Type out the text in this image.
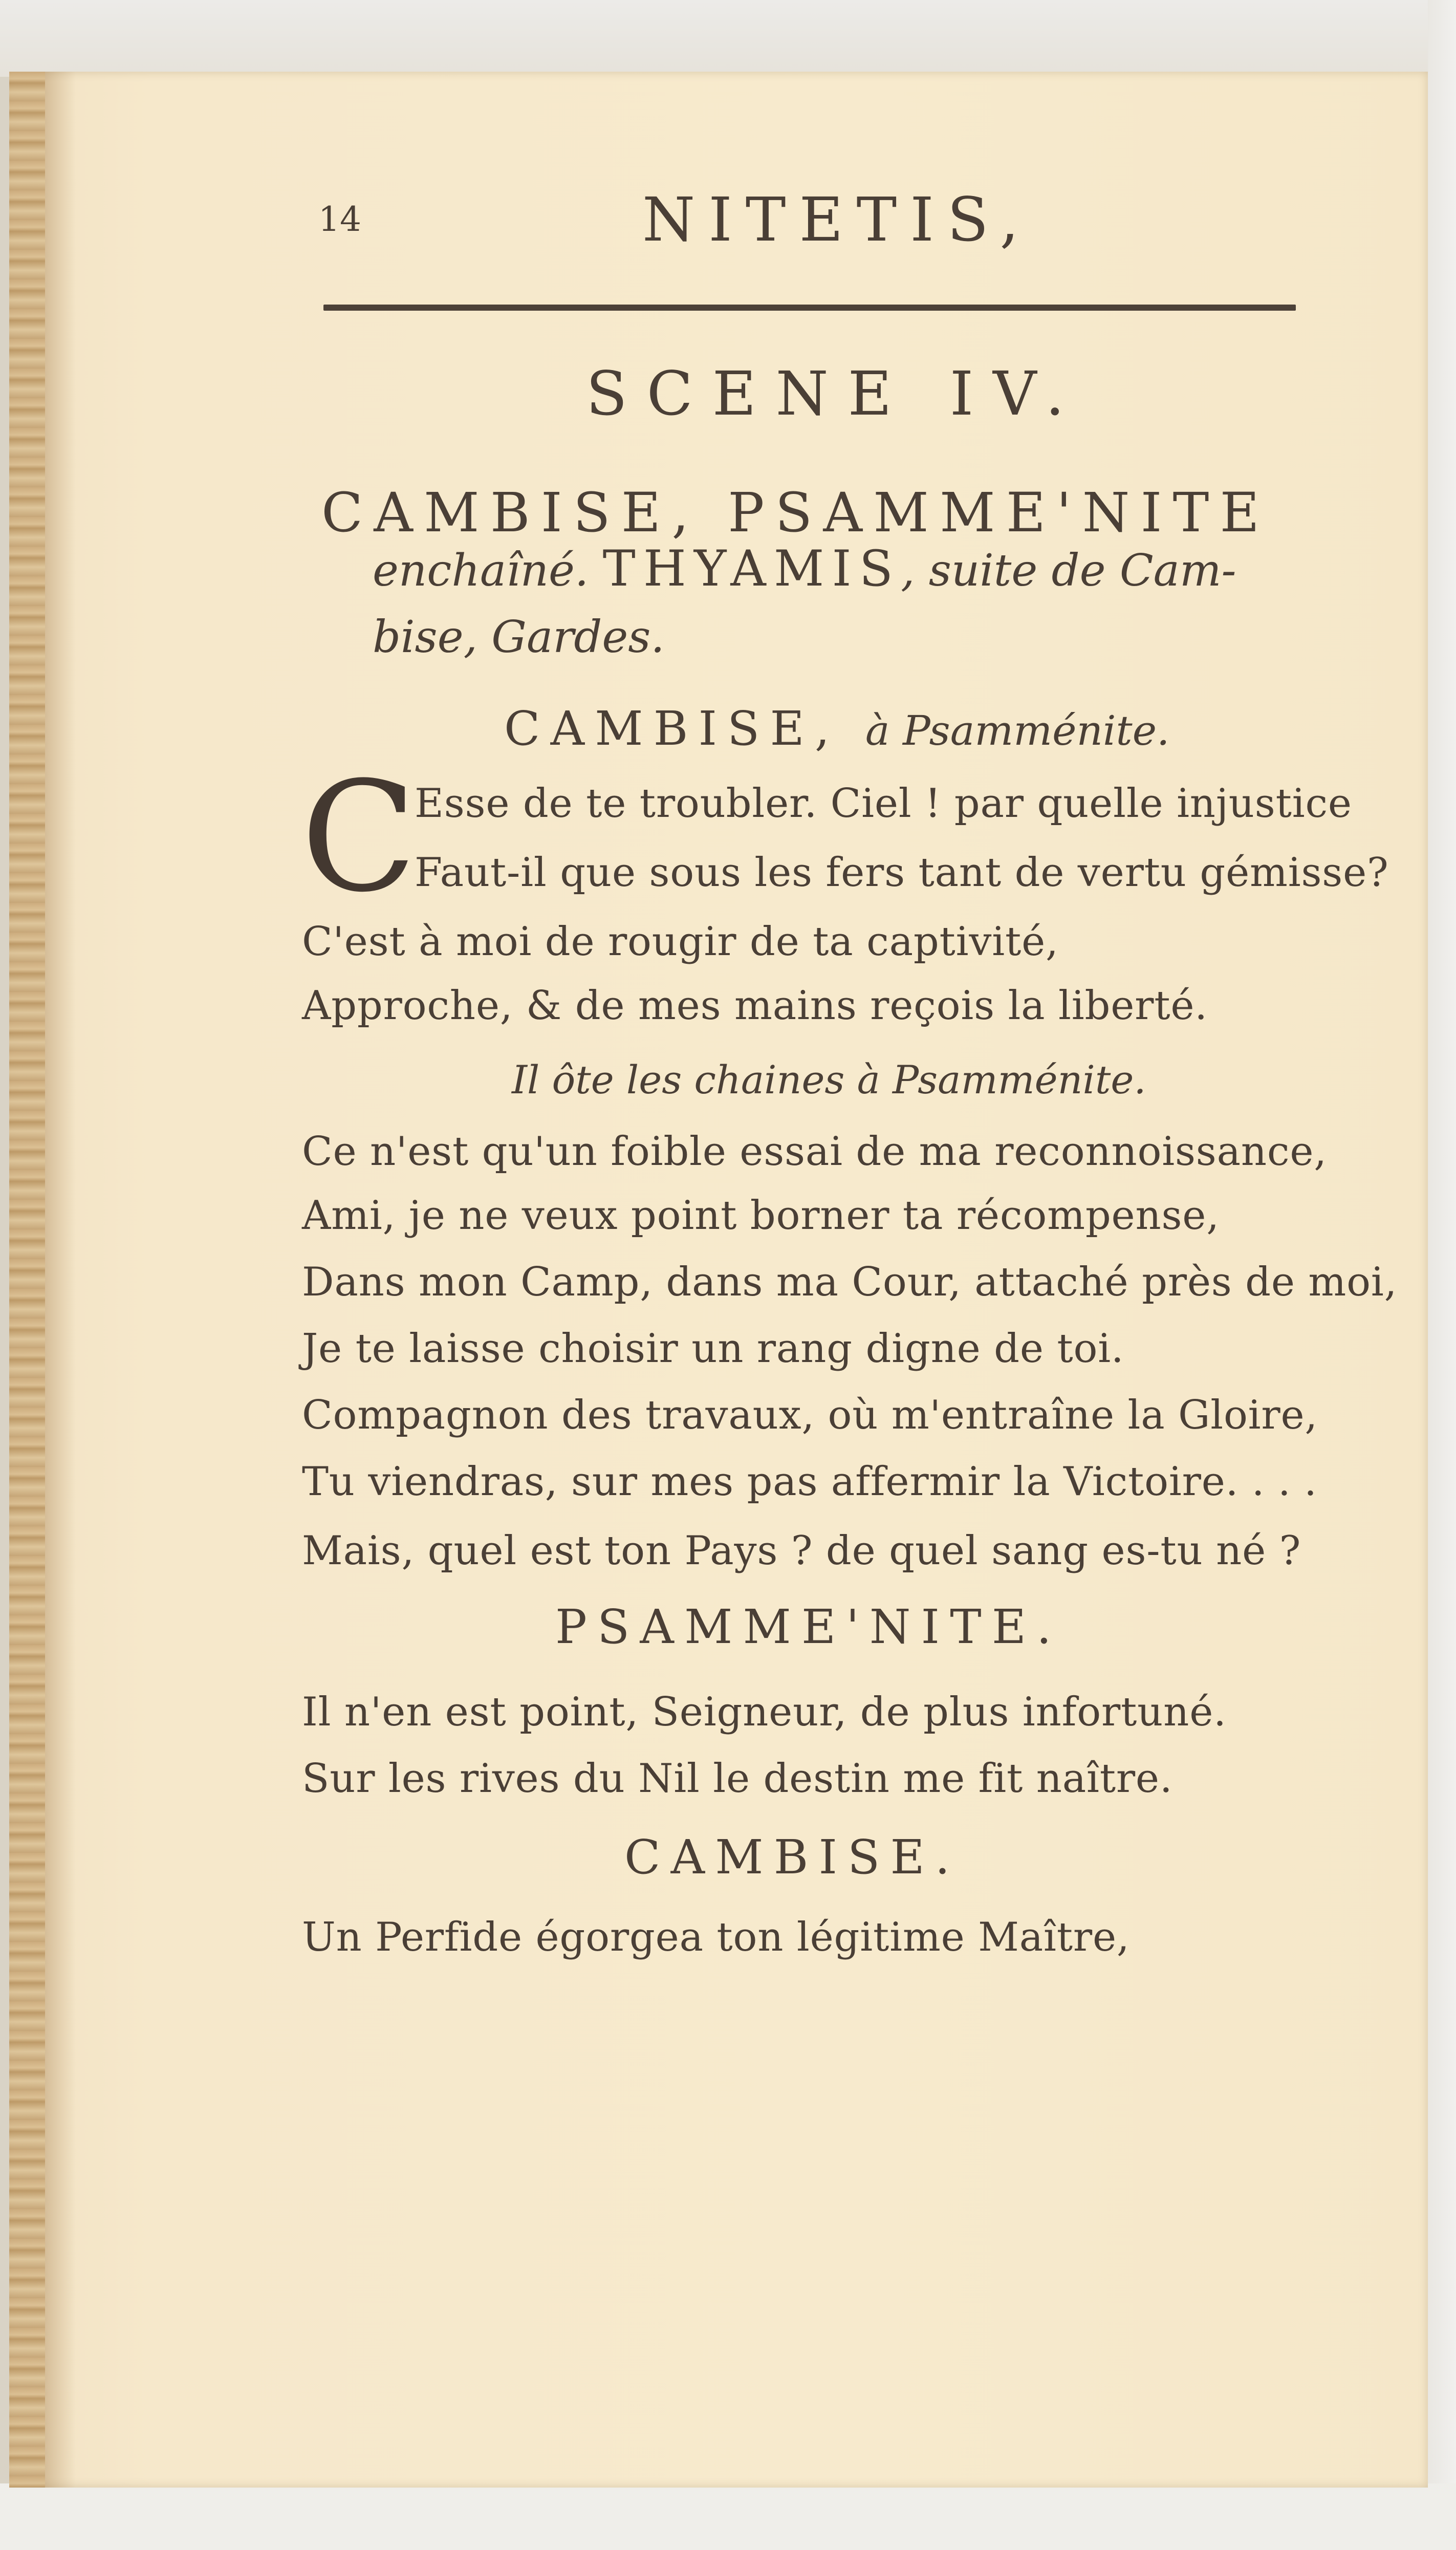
14	NITETIS,
SCENE IV.
CAMBISE, PSAMME'NITE
enchaîné. THYAMIS, suite de Cam-
bise, Gardes.
CAMBISE, à Psamménite.
C
Esse de te troubler. Ciel ! par quelle injustice
Faut-il que sous les fers tant de vertu gémisse?
C'est à moi de rougir de ta captivité,
Approche, & de mes mains reçois la liberté.
Il ôte les chaines à Psamménite.
Ce n'est qu'un foible essai de ma reconnoissance,
Ami, je ne veux point borner ta récompense,
Dans mon Camp, dans ma Cour, attaché près de moi,
Je te laisse choisir un rang digne de toi.
Compagnon des travaux, où m'entraîne la Gloire,
Tu viendras, sur mes pas affermir la Victoire. . . .
Mais, quel est ton Pays ? de quel sang es-tu né ?
PSAMME'NITE.
Il n'en est point, Seigneur, de plus infortuné.
Sur les rives du Nil le destin me fit naître.
CAMBISE.
Un Perfide égorgea ton légitime Maître,
